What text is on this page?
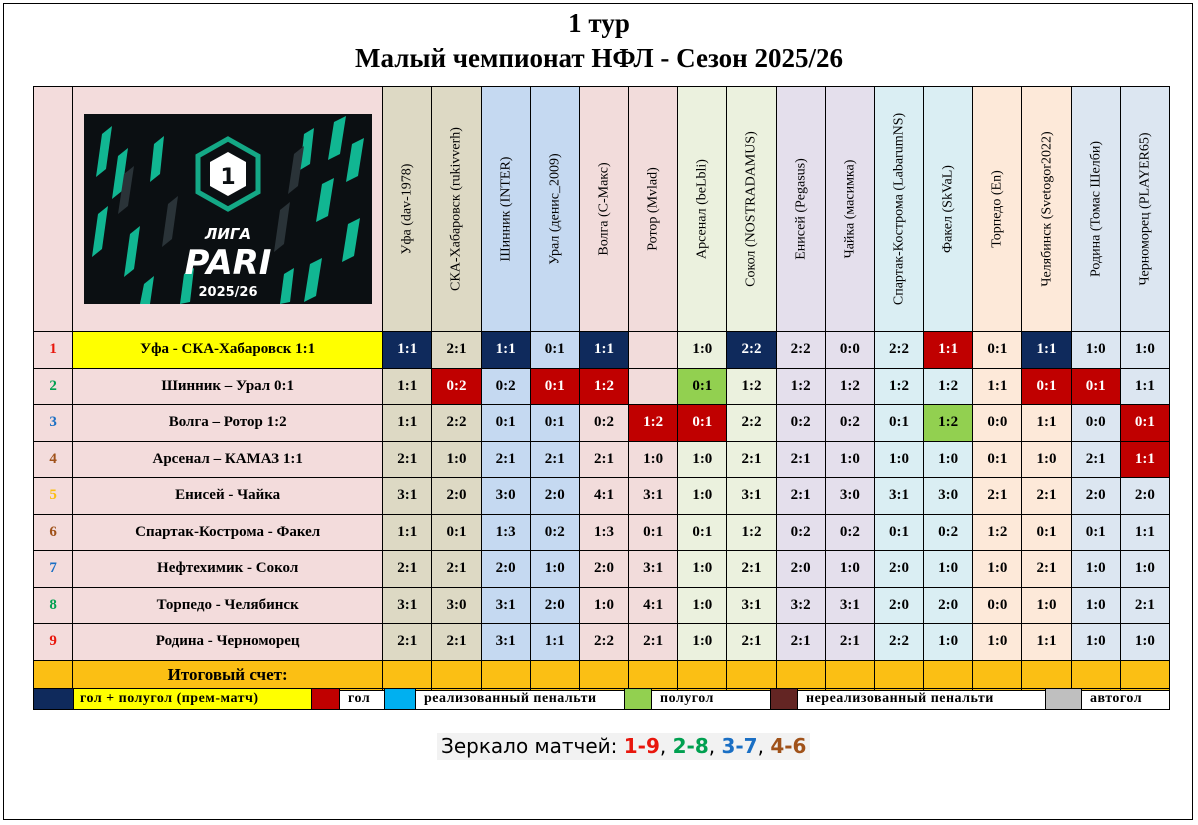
1 тур
Малый чемпионат НФЛ - Сезон 2025/26

1
ЛИГА
PARI
2025/26	Уфа (dav-1978)	СКА-Хабаровск (rukivverh)	Шинник (INTER)	Урал (денис_2009)	Волга (С-Макс)	Ротор (Mvlad)	Арсенал (beLbli)	Сокол (NOSTRADAMUS)	Енисей (Pegasus)	Чайка (масимка)	Спартак-Кострома (LabarumNS)	Факел (SkVaL)	Торпедо (En)	Челябинск (Svetogor2022)	Родина (Томас Шелби)	Черноморец (PLAYER65)

1	Уфа - СКА-Хабаровск 1:1	1:1	2:1	1:1	0:1	1:1		1:0	2:2	2:2	0:0	2:2	1:1	0:1	1:1	1:0	1:0
2	Шинник – Урал 0:1	1:1	0:2	0:2	0:1	1:2		0:1	1:2	1:2	1:2	1:2	1:2	1:1	0:1	0:1	1:1
3	Волга – Ротор 1:2	1:1	2:2	0:1	0:1	0:2	1:2	0:1	2:2	0:2	0:2	0:1	1:2	0:0	1:1	0:0	0:1
4	Арсенал – КАМАЗ 1:1	2:1	1:0	2:1	2:1	2:1	1:0	1:0	2:1	2:1	1:0	1:0	1:0	0:1	1:0	2:1	1:1
5	Енисей - Чайка	3:1	2:0	3:0	2:0	4:1	3:1	1:0	3:1	2:1	3:0	3:1	3:0	2:1	2:1	2:0	2:0
6	Спартак-Кострома - Факел	1:1	0:1	1:3	0:2	1:3	0:1	0:1	1:2	0:2	0:2	0:1	0:2	1:2	0:1	0:1	1:1
7	Нефтехимик - Сокол	2:1	2:1	2:0	1:0	2:0	3:1	1:0	2:1	2:0	1:0	2:0	1:0	1:0	2:1	1:0	1:0
8	Торпедо - Челябинск	3:1	3:0	3:1	2:0	1:0	4:1	1:0	3:1	3:2	3:1	2:0	2:0	0:0	1:0	1:0	2:1
9	Родина - Черноморец	2:1	2:1	3:1	1:1	2:2	2:1	1:0	2:1	2:1	2:1	2:2	1:0	1:0	1:1	1:0	1:0
	Итоговый счет:																
гол + полугол (прем-матч)	гол	реализованный пенальти	полугол	нереализованный пенальти	автогол
Зеркало матчей: 1-9, 2-8, 3-7, 4-6
